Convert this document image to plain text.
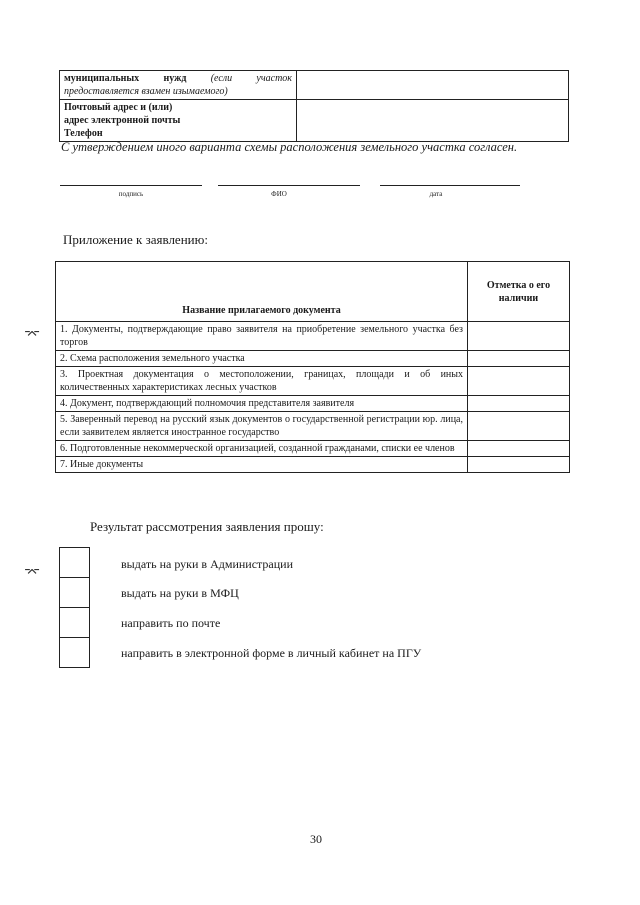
муниципальных нужд (если участок
предоставляется взамен изымаемого)	

Почтовый адрес и (или)
адрес электронной почты
Телефон	

С утверждением иного варианта схемы расположения земельного участка согласен.
подпись	ФИО	дата
Приложение к заявлению:
Название прилагаемого документа	Отметка о его наличии
1. Документы, подтверждающие право заявителя на приобретение земельного участка без торгов	
2. Схема расположения земельного участка	
3. Проектная документация о местоположении, границах, площади и об иных количественных характеристиках лесных участков	
4. Документ, подтверждающий полномочия представителя заявителя	
5. Заверенный перевод на русский язык документов о государственной регистрации юр. лица, если заявителем является иностранное государство	
6. Подготовленные некоммерческой организацией, созданной гражданами, списки ее членов	
7. Иные документы	
Результат рассмотрения заявления прошу:
выдать на руки в Администрации
выдать на руки в МФЦ
направить по почте
направить в электронной форме в личный кабинет на ПГУ
⌤
⌤
30
